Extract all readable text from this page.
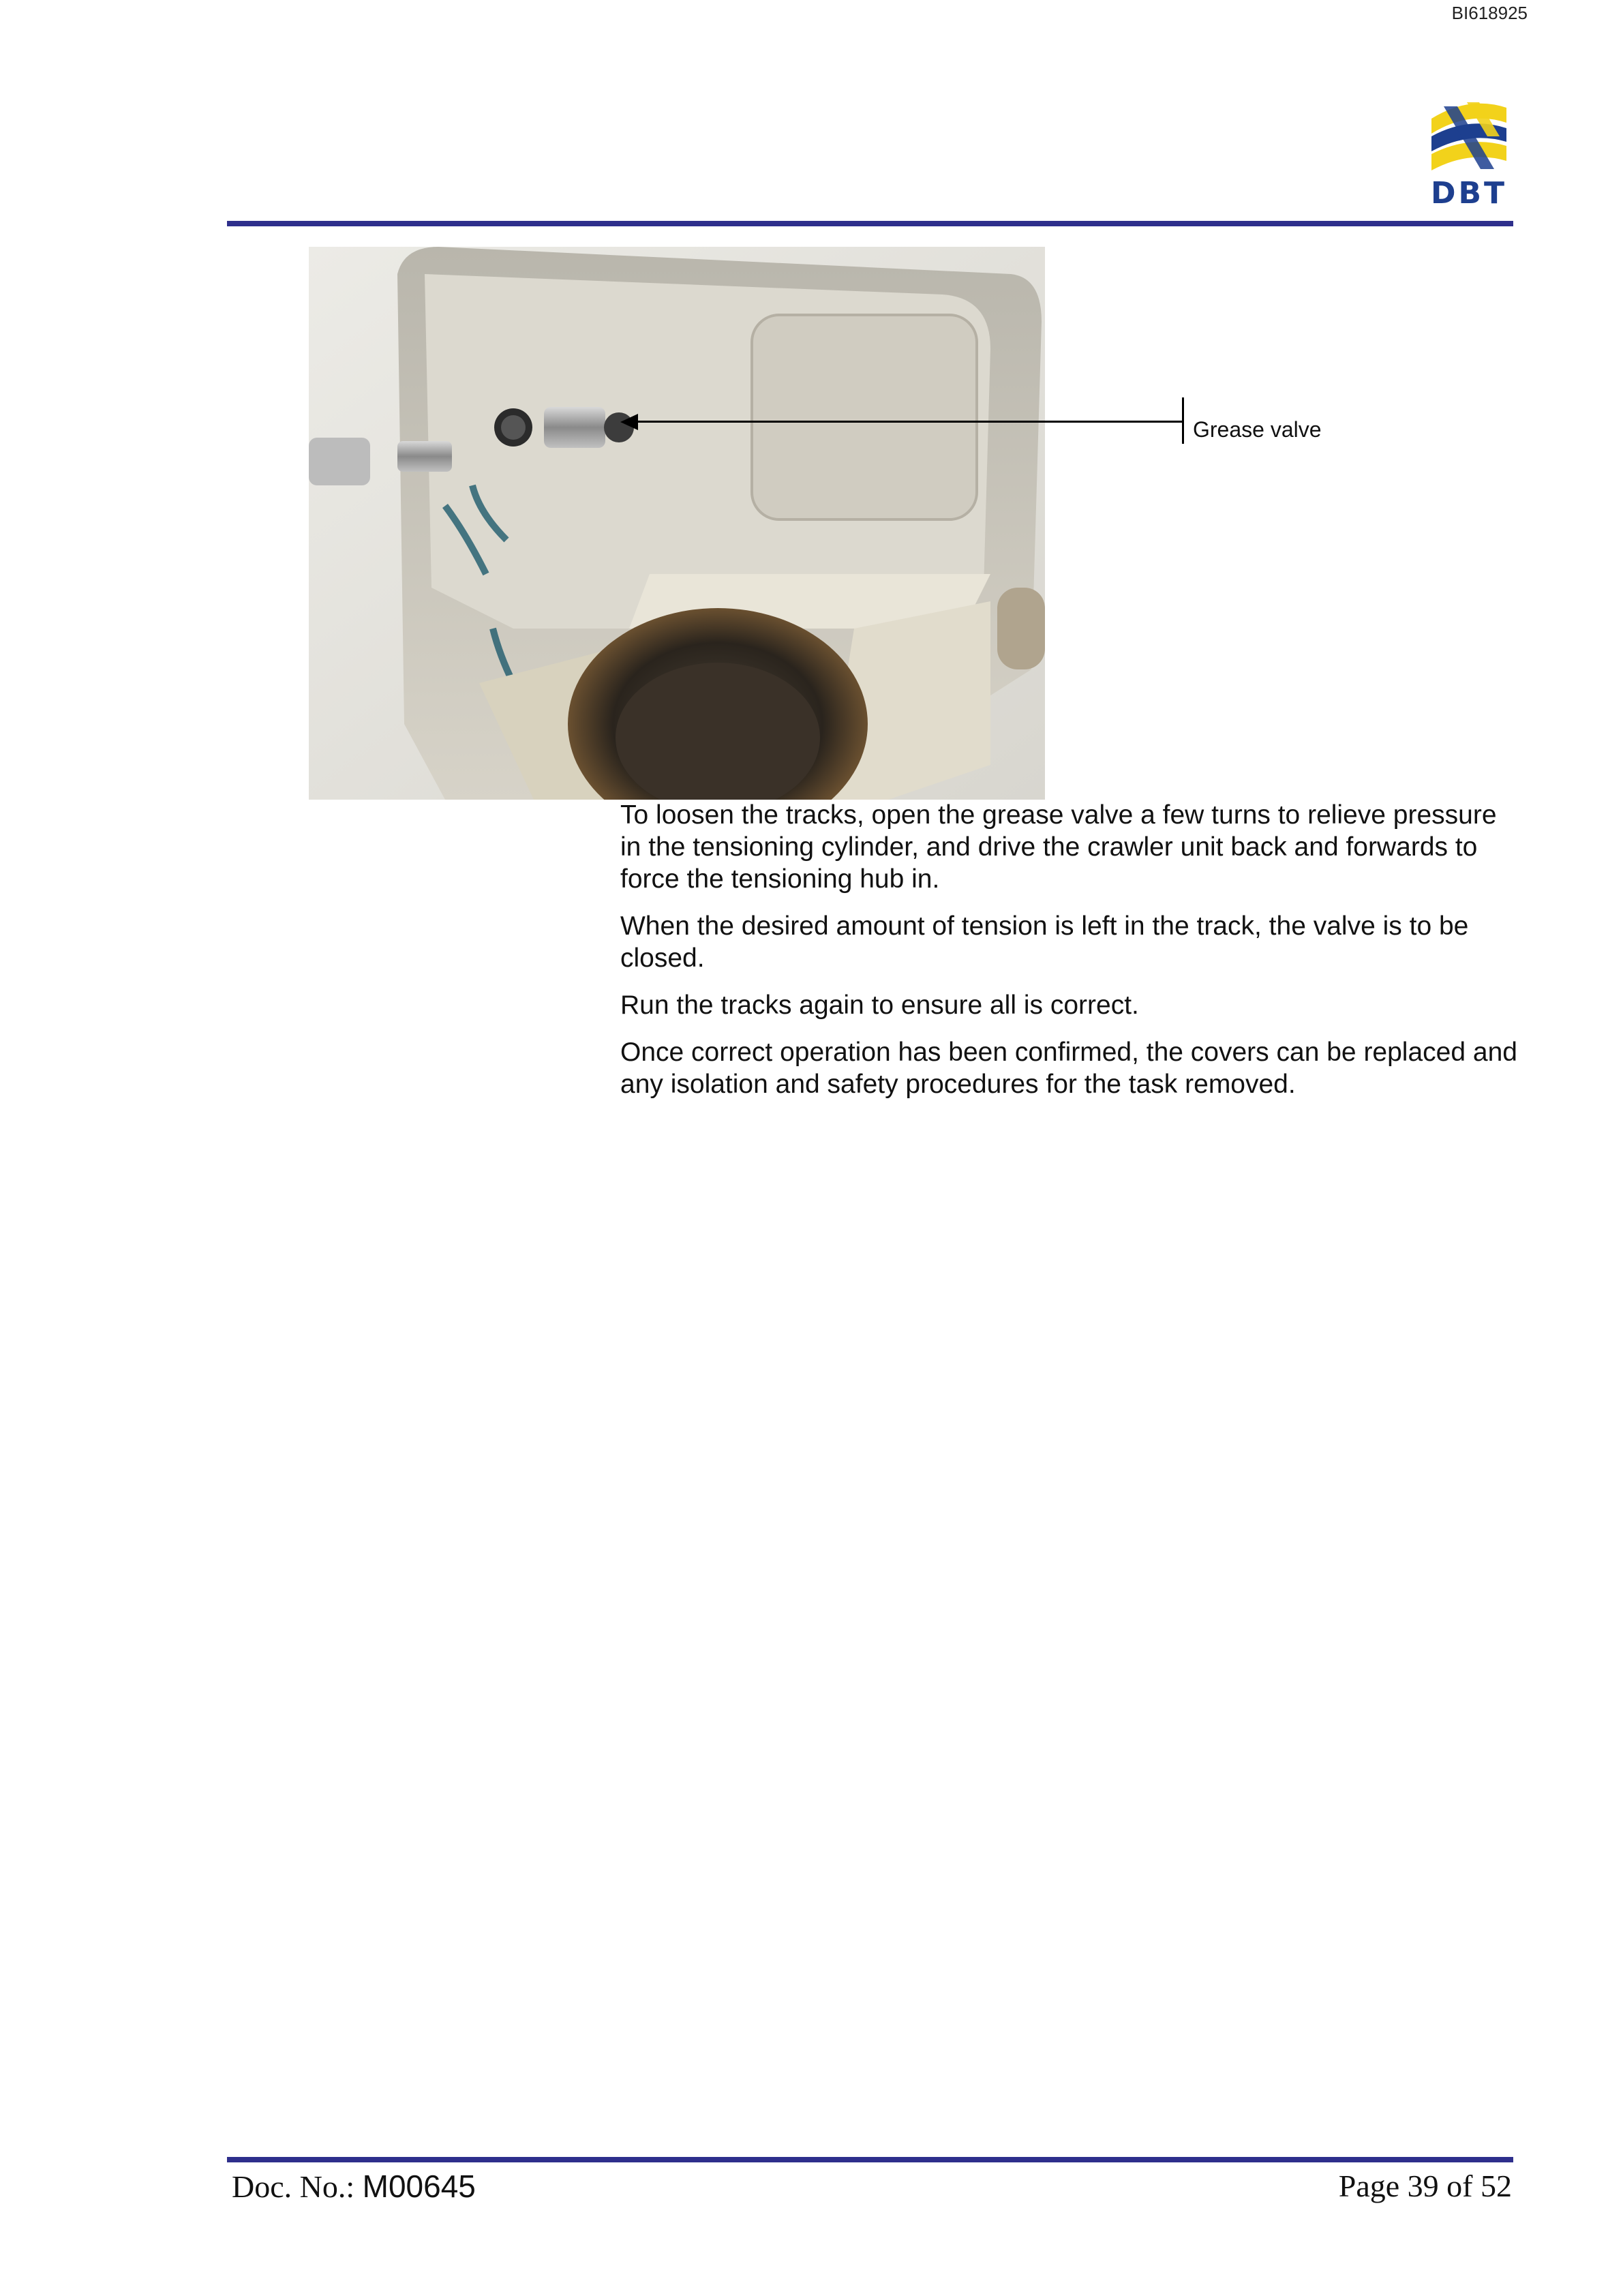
BI618925
DBT
Grease valve

To loosen the tracks, open the grease valve a few turns to relieve pressure in the tensioning cylinder, and drive the crawler unit back and forwards to force the tensioning hub in.

When the desired amount of tension is left in the track, the valve is to be closed.

Run the tracks again to ensure all is correct.

Once correct operation has been confirmed, the covers can be replaced and any isolation and safety procedures for the task removed.

Doc. No.: M00645	Page 39 of 52
